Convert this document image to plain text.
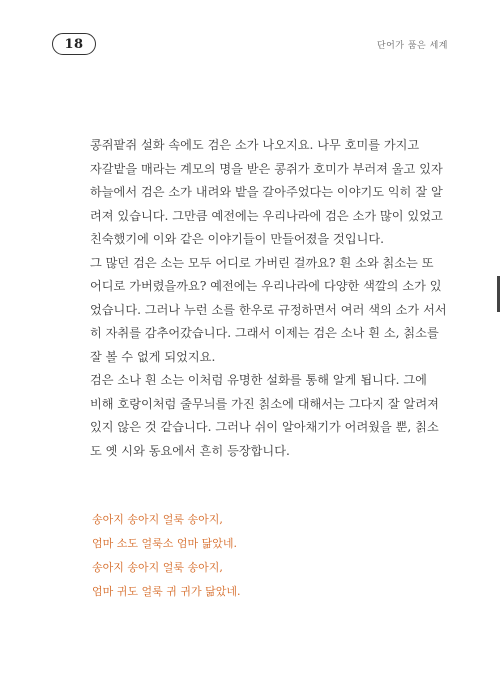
18	단어가 품은 세계

콩쥐팥쥐 설화 속에도 검은 소가 나오지요. 나무 호미를 가지고
자갈밭을 매라는 계모의 명을 받은 콩쥐가 호미가 부러져 울고 있자
하늘에서 검은 소가 내려와 밭을 갈아주었다는 이야기도 익히 잘 알
려져 있습니다. 그만큼 예전에는 우리나라에 검은 소가 많이 있었고
친숙했기에 이와 같은 이야기들이 만들어졌을 것입니다.

그 많던 검은 소는 모두 어디로 가버린 걸까요? 흰 소와 칡소는 또
어디로 가버렸을까요? 예전에는 우리나라에 다양한 색깔의 소가 있
었습니다. 그러나 누런 소를 한우로 규정하면서 여러 색의 소가 서서
히 자취를 감추어갔습니다. 그래서 이제는 검은 소나 흰 소, 칡소를
잘 볼 수 없게 되었지요.

검은 소나 흰 소는 이처럼 유명한 설화를 통해 알게 됩니다. 그에
비해 호랑이처럼 줄무늬를 가진 칡소에 대해서는 그다지 잘 알려져
있지 않은 것 같습니다. 그러나 쉬이 알아채기가 어려웠을 뿐, 칡소
도 옛 시와 동요에서 흔히 등장합니다.

송아지 송아지 얼룩 송아지,
엄마 소도 얼룩소 엄마 닮았네.
송아지 송아지 얼룩 송아지,
엄마 귀도 얼룩 귀 귀가 닮았네.
